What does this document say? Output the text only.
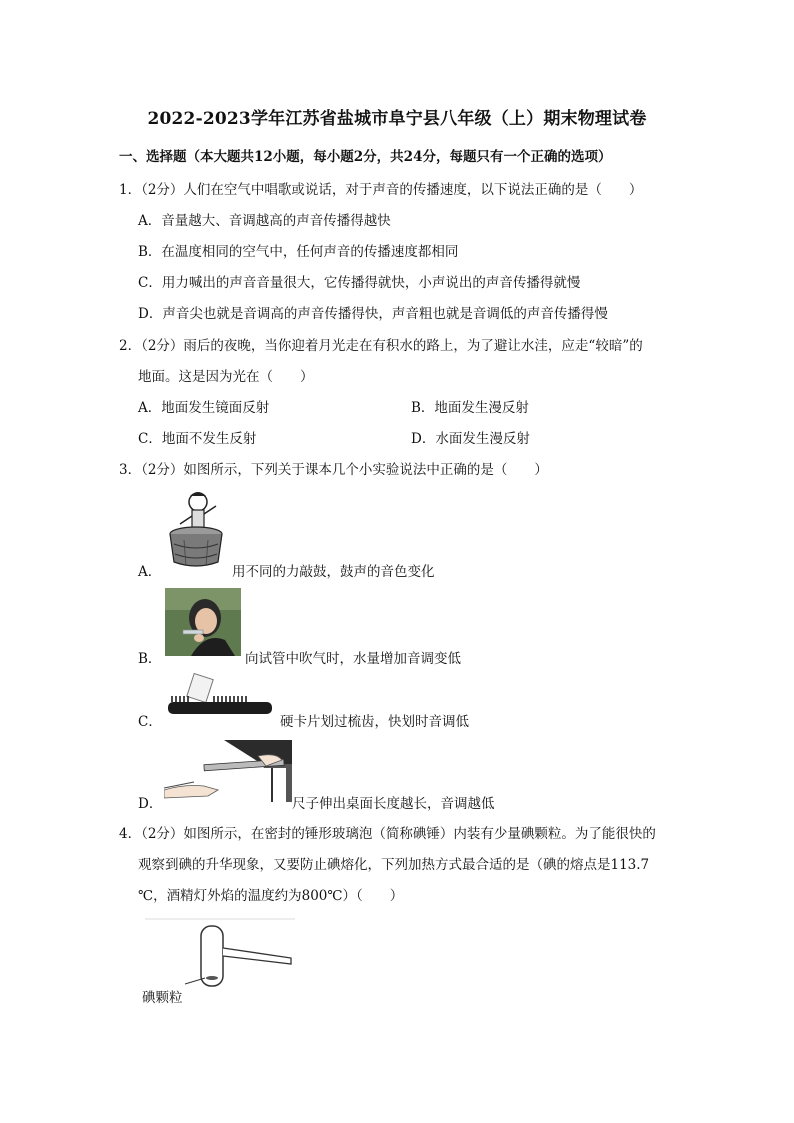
2022-2023学年江苏省盐城市阜宁县八年级（上）期末物理试卷
一、选择题（本大题共12小题，每小题2分，共24分，每题只有一个正确的选项）
1．（2分）人们在空气中唱歌或说话，对于声音的传播速度，以下说法正确的是（　　）
A．音量越大、音调越高的声音传播得越快
B．在温度相同的空气中，任何声音的传播速度都相同
C．用力喊出的声音音量很大，它传播得就快，小声说出的声音传播得就慢
D．声音尖也就是音调高的声音传播得快，声音粗也就是音调低的声音传播得慢
2．（2分）雨后的夜晚，当你迎着月光走在有积水的路上，为了避让水洼，应走“较暗”的
地面。这是因为光在（　　）
A．地面发生镜面反射	B．地面发生漫反射
C．地面不发生反射	D．水面发生漫反射
3．（2分）如图所示，下列关于课本几个小实验说法中正确的是（　　）
A．	用不同的力敲鼓，鼓声的音色变化
B．	向试管中吹气时，水量增加音调变低
C．	硬卡片划过梳齿，快划时音调低
D．	尺子伸出桌面长度越长，音调越低
4．（2分）如图所示，在密封的锤形玻璃泡（简称碘锤）内装有少量碘颗粒。为了能很快的
观察到碘的升华现象，又要防止碘熔化，下列加热方式最合适的是（碘的熔点是113.7
℃，酒精灯外焰的温度约为800℃）（　　）
碘颗粒
